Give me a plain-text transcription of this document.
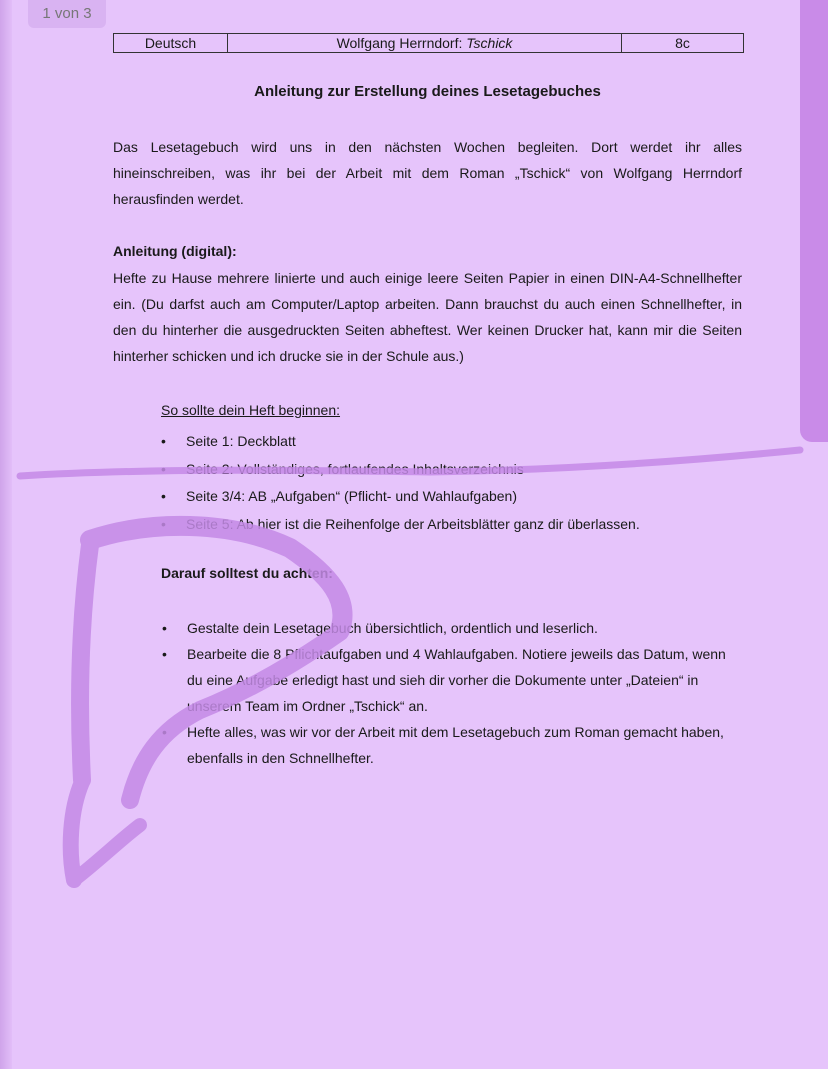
1 von 3
Deutsch	Wolfgang Herrndorf: Tschick	8c
Anleitung zur Erstellung deines Lesetagebuches
Das Lesetagebuch wird uns in den nächsten Wochen begleiten. Dort werdet ihr alles hineinschreiben, was ihr bei der Arbeit mit dem Roman „Tschick“ von Wolfgang Herrndorf herausfinden werdet.
Anleitung (digital):
Hefte zu Hause mehrere linierte und auch einige leere Seiten Papier in einen DIN-A4-Schnellhefter ein. (Du darfst auch am Computer/Laptop arbeiten. Dann brauchst du auch einen Schnellhefter, in den du hinterher die ausgedruckten Seiten abheftest. Wer keinen Drucker hat, kann mir die Seiten hinterher schicken und ich drucke sie in der Schule aus.)
So sollte dein Heft beginnen:
• Seite 1: Deckblatt
• Seite 2: Vollständiges, fortlaufendes Inhaltsverzeichnis
• Seite 3/4: AB „Aufgaben“ (Pflicht- und Wahlaufgaben)
• Seite 5: Ab hier ist die Reihenfolge der Arbeitsblätter ganz dir überlassen.
Darauf solltest du achten:
• Gestalte dein Lesetagebuch übersichtlich, ordentlich und leserlich.
• Bearbeite die 8 Pflichtaufgaben und 4 Wahlaufgaben. Notiere jeweils das Datum, wenn du eine Aufgabe erledigt hast und sieh dir vorher die Dokumente unter „Dateien“ in unserem Team im Ordner „Tschick“ an.
• Hefte alles, was wir vor der Arbeit mit dem Lesetagebuch zum Roman gemacht haben, ebenfalls in den Schnellhefter.
